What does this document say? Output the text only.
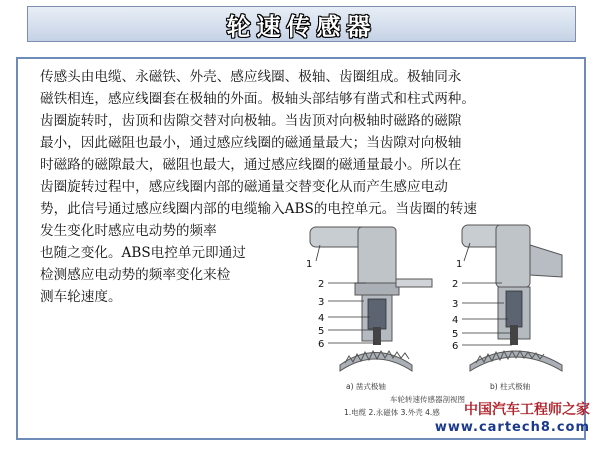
轮速传感器
传感头由电缆、永磁铁、外壳、感应线圈、极轴、齿圈组成。极轴同永
磁铁相连，感应线圈套在极轴的外面。极轴头部结够有凿式和柱式两种。
齿圈旋转时，齿顶和齿隙交替对向极轴。当齿顶对向极轴时磁路的磁隙
最小，因此磁阻也最小，通过感应线圈的磁通量最大；当齿隙对向极轴
时磁路的磁隙最大，磁阻也最大，通过感应线圈的磁通量最小。所以在
齿圈旋转过程中，感应线圈内部的磁通量交替变化从而产生感应电动
势，此信号通过感应线圈内部的电缆输入ABS的电控单元。当齿圈的转速
发生变化时感应电动势的频率
也随之变化。ABS电控单元即通过
检测感应电动势的频率变化来检
测车轮速度。
1
2
3
4
5
6
1
2
3
4
5
6
a) 凿式极轴	b) 柱式极轴
车轮转速传感器剖视图
1.电缆 2.永磁体 3.外壳 4.感 中国汽车工程师之家
www.cartech8.com
